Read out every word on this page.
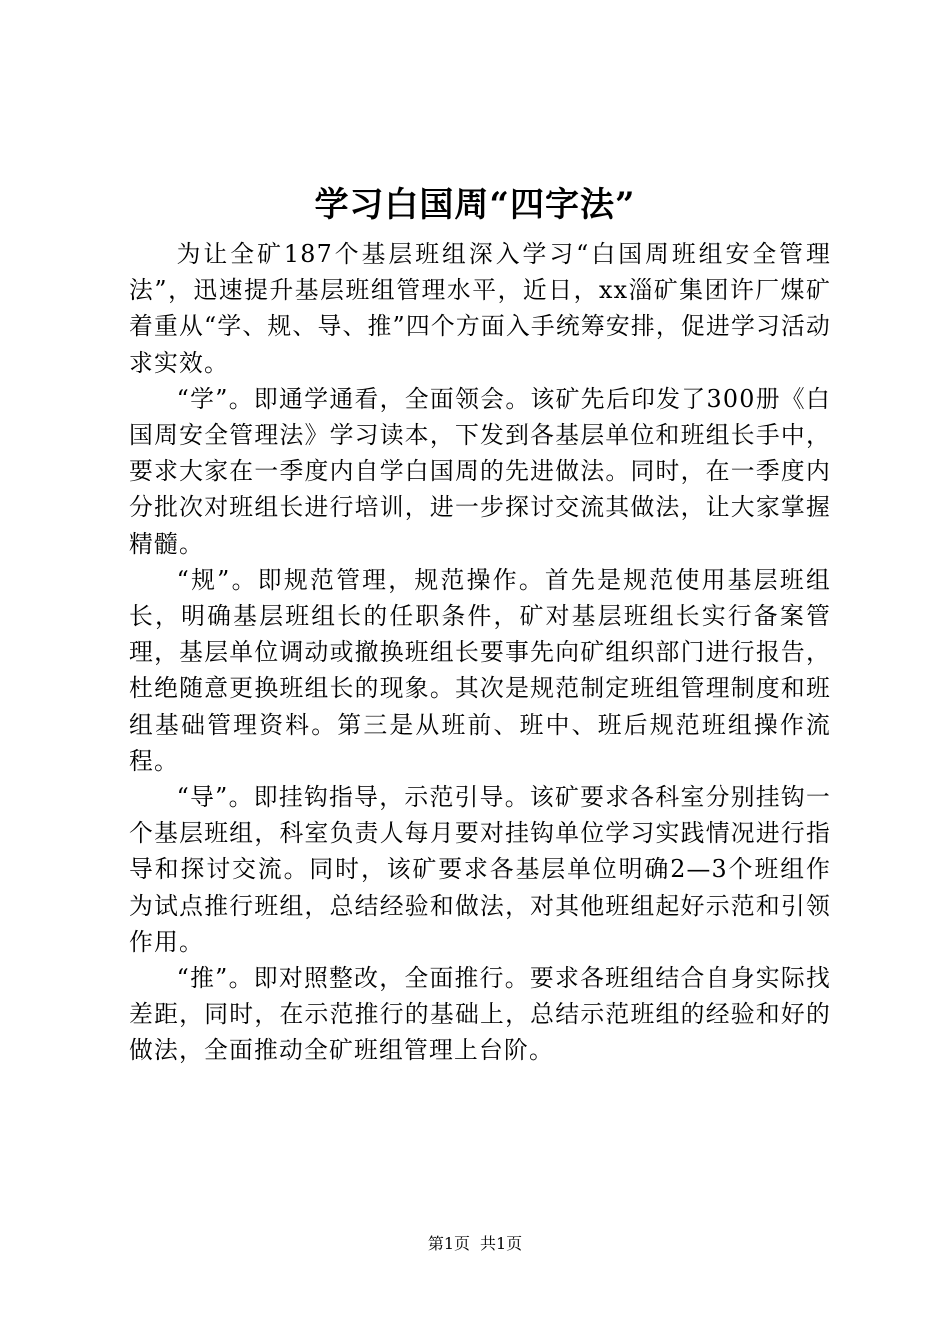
学习白国周“四字法”

为让全矿187个基层班组深入学习“白国周班组安全管理法”，迅速提升基层班组管理水平，近日，xx淄矿集团许厂煤矿着重从“学、规、导、推”四个方面入手统筹安排，促进学习活动求实效。

“学”。即通学通看，全面领会。该矿先后印发了300册《白国周安全管理法》学习读本，下发到各基层单位和班组长手中，要求大家在一季度内自学白国周的先进做法。同时，在一季度内分批次对班组长进行培训，进一步探讨交流其做法，让大家掌握精髓。

“规”。即规范管理，规范操作。首先是规范使用基层班组长，明确基层班组长的任职条件，矿对基层班组长实行备案管理，基层单位调动或撤换班组长要事先向矿组织部门进行报告，杜绝随意更换班组长的现象。其次是规范制定班组管理制度和班组基础管理资料。第三是从班前、班中、班后规范班组操作流程。

“导”。即挂钩指导，示范引导。该矿要求各科室分别挂钩一个基层班组，科室负责人每月要对挂钩单位学习实践情况进行指导和探讨交流。同时，该矿要求各基层单位明确2—3个班组作为试点推行班组，总结经验和做法，对其他班组起好示范和引领作用。

“推”。即对照整改，全面推行。要求各班组结合自身实际找差距，同时，在示范推行的基础上，总结示范班组的经验和好的做法，全面推动全矿班组管理上台阶。

第1页 共1页
